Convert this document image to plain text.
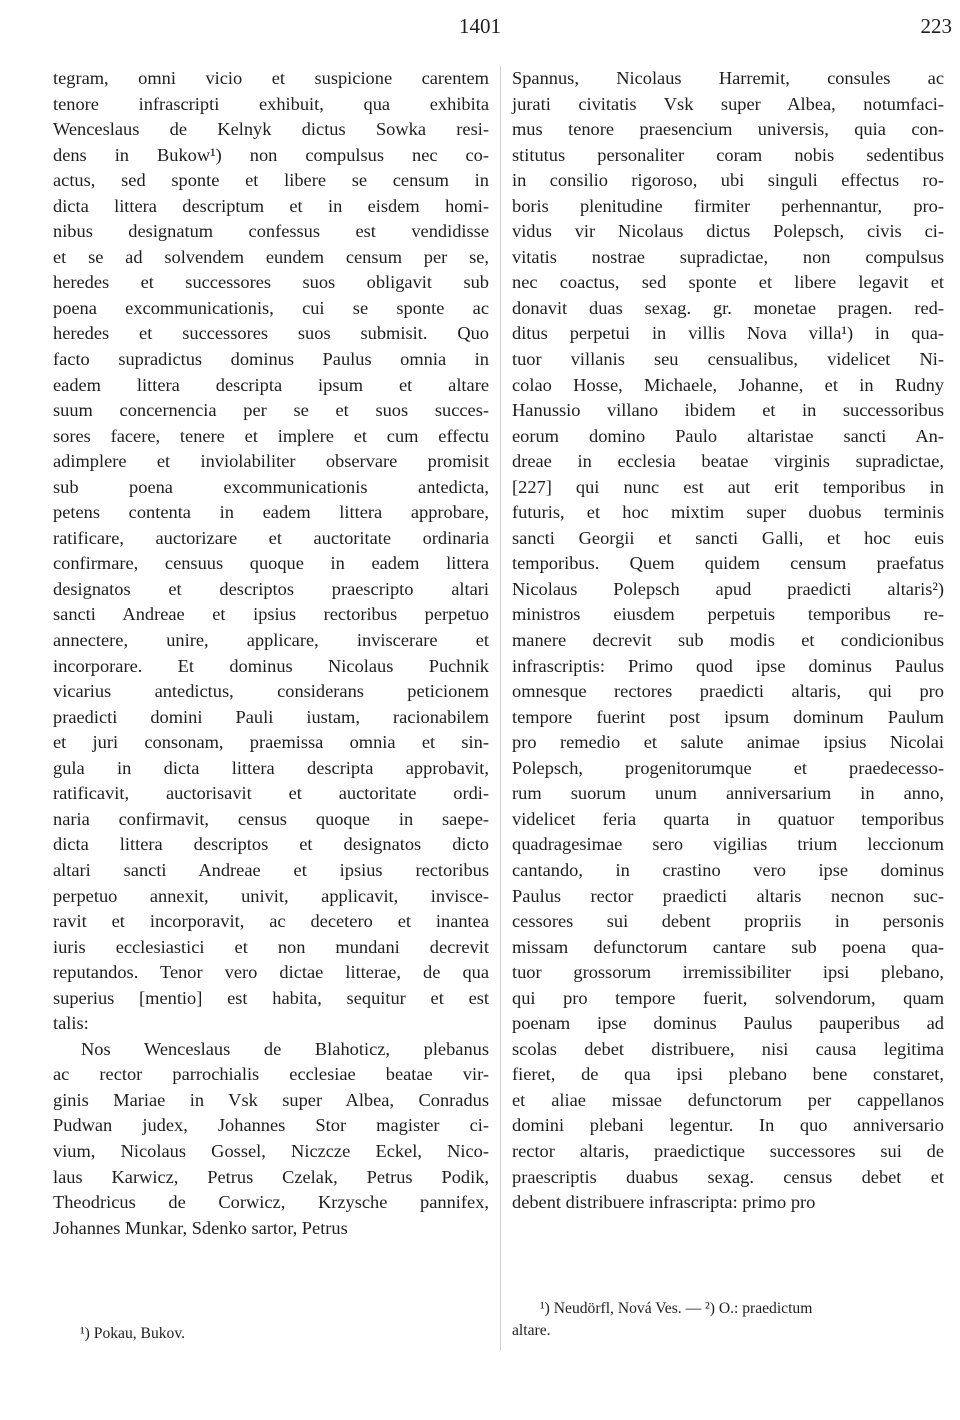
1401	223
tegram, omni vicio et suspicione carentem
tenore infrascripti exhibuit, qua exhibita
Wenceslaus de Kelnyk dictus Sowka resi-
dens in Bukow¹) non compulsus nec co-
actus, sed sponte et libere se censum in
dicta littera descriptum et in eisdem homi-
nibus designatum confessus est vendidisse
et se ad solvendem eundem censum per se,
heredes et successores suos obligavit sub
poena excommunicationis, cui se sponte ac
heredes et successores suos submisit. Quo
facto supradictus dominus Paulus omnia in
eadem littera descripta ipsum et altare
suum concernencia per se et suos succes-
sores facere, tenere et implere et cum effectu
adimplere et inviolabiliter observare promisit
sub poena excommunicationis antedicta,
petens contenta in eadem littera approbare,
ratificare, auctorizare et auctoritate ordinaria
confirmare, censuus quoque in eadem littera
designatos et descriptos praescripto altari
sancti Andreae et ipsius rectoribus perpetuo
annectere, unire, applicare, inviscerare et
incorporare. Et dominus Nicolaus Puchnik
vicarius antedictus, considerans peticionem
praedicti domini Pauli iustam, racionabilem
et juri consonam, praemissa omnia et sin-
gula in dicta littera descripta approbavit,
ratificavit, auctorisavit et auctoritate ordi-
naria confirmavit, census quoque in saepe-
dicta littera descriptos et designatos dicto
altari sancti Andreae et ipsius rectoribus
perpetuo annexit, univit, applicavit, invisce-
ravit et incorporavit, ac decetero et inantea
iuris ecclesiastici et non mundani decrevit
reputandos. Tenor vero dictae litterae, de qua
superius [mentio] est habita, sequitur et est
talis:
Nos Wenceslaus de Blahoticz, plebanus
ac rector parrochialis ecclesiae beatae vir-
ginis Mariae in Vsk super Albea, Conradus
Pudwan judex, Johannes Stor magister ci-
vium, Nicolaus Gossel, Niczcze Eckel, Nico-
laus Karwicz, Petrus Czelak, Petrus Podik,
Theodricus de Corwicz, Krzysche pannifex,
Johannes Munkar, Sdenko sartor, Petrus
Spannus, Nicolaus Harremit, consules ac
jurati civitatis Vsk super Albea, notumfaci-
mus tenore praesencium universis, quia con-
stitutus personaliter coram nobis sedentibus
in consilio rigoroso, ubi singuli effectus ro-
boris plenitudine firmiter perhennantur, pro-
vidus vir Nicolaus dictus Polepsch, civis ci-
vitatis nostrae supradictae, non compulsus
nec coactus, sed sponte et libere legavit et
donavit duas sexag. gr. monetae pragen. red-
ditus perpetui in villis Nova villa¹) in qua-
tuor villanis seu censualibus, videlicet Ni-
colao Hosse, Michaele, Johanne, et in Rudny
Hanussio villano ibidem et in successoribus
eorum domino Paulo altaristae sancti An-
dreae in ecclesia beatae virginis supradictae,
[227] qui nunc est aut erit temporibus in
futuris, et hoc mixtim super duobus terminis
sancti Georgii et sancti Galli, et hoc euis
temporibus. Quem quidem censum praefatus
Nicolaus Polepsch apud praedicti altaris²)
ministros eiusdem perpetuis temporibus re-
manere decrevit sub modis et condicionibus
infrascriptis: Primo quod ipse dominus Paulus
omnesque rectores praedicti altaris, qui pro
tempore fuerint post ipsum dominum Paulum
pro remedio et salute animae ipsius Nicolai
Polepsch, progenitorumque et praedecesso-
rum suorum unum anniversarium in anno,
videlicet feria quarta in quatuor temporibus
quadragesimae sero vigilias trium leccionum
cantando, in crastino vero ipse dominus
Paulus rector praedicti altaris necnon suc-
cessores sui debent propriis in personis
missam defunctorum cantare sub poena qua-
tuor grossorum irremissibiliter ipsi plebano,
qui pro tempore fuerit, solvendorum, quam
poenam ipse dominus Paulus pauperibus ad
scolas debet distribuere, nisi causa legitima
fieret, de qua ipsi plebano bene constaret,
et aliae missae defunctorum per cappellanos
domini plebani legentur. In quo anniversario
rector altaris, praedictique successores sui de
praescriptis duabus sexag. census debet et
debent distribuere infrascripta: primo pro
¹) Neudörfl, Nová Ves. — ²) O.: praedictum
altare.
¹) Pokau, Bukov.
